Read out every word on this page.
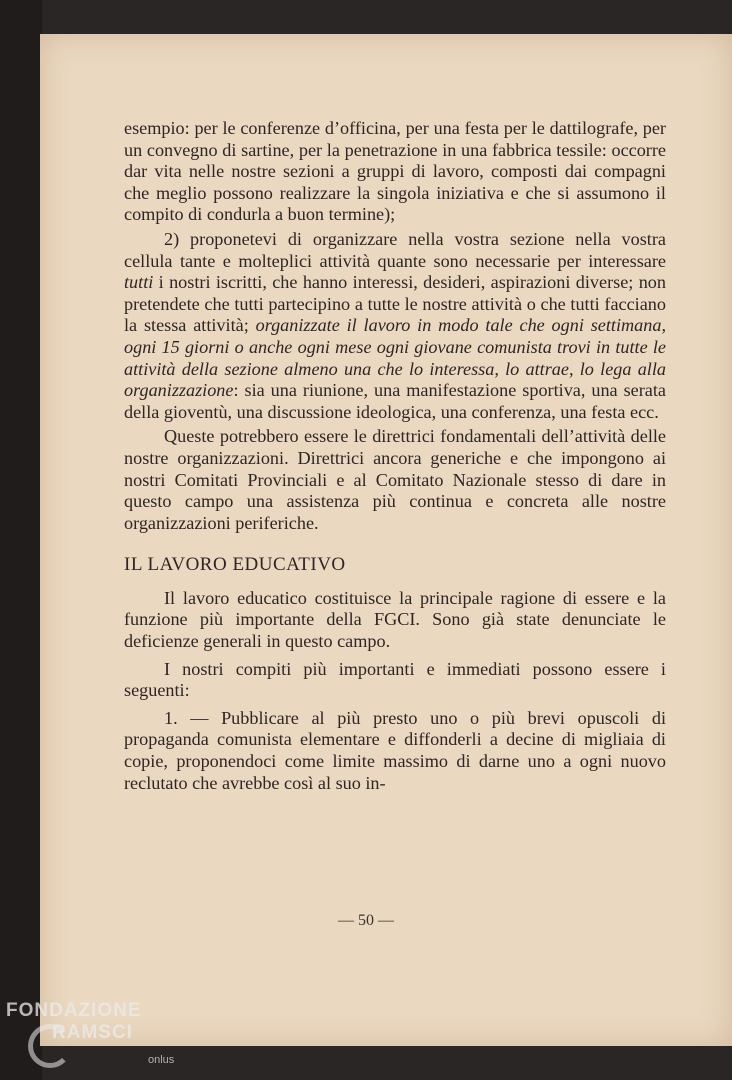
esempio: per le conferenze d’officina, per una festa per le dattilografe, per un convegno di sartine, per la penetrazione in una fabbrica tessile: occorre dar vita nelle nostre sezioni a gruppi di lavoro, composti dai compagni che meglio possono realizzare la singola iniziativa e che si assumono il compito di condurla a buon termine);

2) proponetevi di organizzare nella vostra sezione nella vostra cellula tante e molteplici attività quante sono necessarie per interessare tutti i nostri iscritti, che hanno interessi, desideri, aspirazioni diverse; non pretendete che tutti partecipino a tutte le nostre attività o che tutti facciano la stessa attività; organizzate il lavoro in modo tale che ogni settimana, ogni 15 giorni o anche ogni mese ogni giovane comunista trovi in tutte le attività della sezione almeno una che lo interessa, lo attrae, lo lega alla organizzazione: sia una riunione, una manifestazione sportiva, una serata della gioventù, una discussione ideologica, una conferenza, una festa ecc.

Queste potrebbero essere le direttrici fondamentali dell’attività delle nostre organizzazioni. Direttrici ancora generiche e che impongono ai nostri Comitati Provinciali e al Comitato Nazionale stesso di dare in questo campo una assistenza più continua e concreta alle nostre organizzazioni periferiche.

IL LAVORO EDUCATIVO

Il lavoro educatico costituisce la principale ragione di essere e la funzione più importante della FGCI. Sono già state denunciate le deficienze generali in questo campo.

I nostri compiti più importanti e immediati possono essere i seguenti:

1. — Pubblicare al più presto uno o più brevi opuscoli di propaganda comunista elementare e diffonderli a decine di migliaia di copie, proponendoci come limite massimo di darne uno a ogni nuovo reclutato che avrebbe così al suo in-

— 50 —
FONDAZIONE
RAMSCI
onlus
